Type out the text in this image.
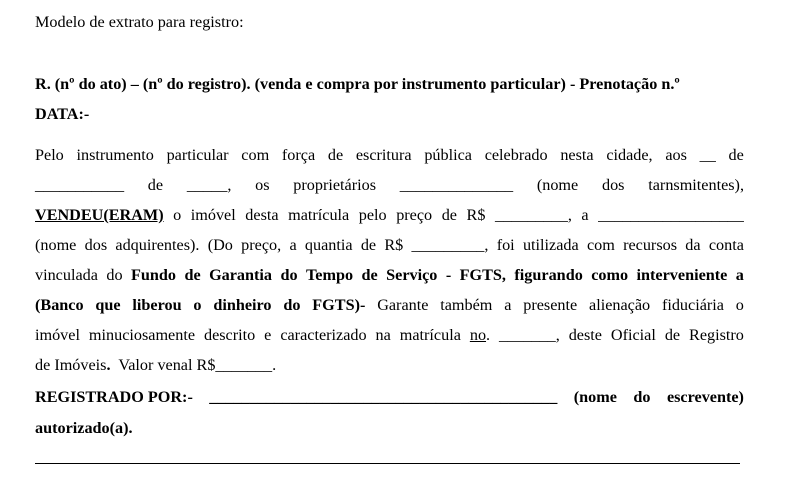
Modelo de extrato para registro:
R. (nº do ato) – (nº do registro). (venda e compra por instrumento particular) - Prenotação n.º
DATA:-
Pelo instrumento particular com força de escritura pública celebrado nesta cidade, aos __ de
___________ de _____, os proprietários ______________ (nome dos tarnsmitentes),
VENDEU(ERAM) o imóvel desta matrícula pelo preço de R$ _________, a __________________
(nome dos adquirentes). (Do preço, a quantia de R$ _________, foi utilizada com recursos da conta
vinculada do Fundo de Garantia do Tempo de Serviço - FGTS, figurando como interveniente a
(Banco que liberou o dinheiro do FGTS)- Garante também a presente alienação fiduciária o
imóvel minuciosamente descrito e caracterizado na matrícula no. _______, deste Oficial de Registro
de Imóveis.  Valor venal R$_______.
REGISTRADO POR:- ___________________________________________ (nome do escrevente)
autorizado(a).
